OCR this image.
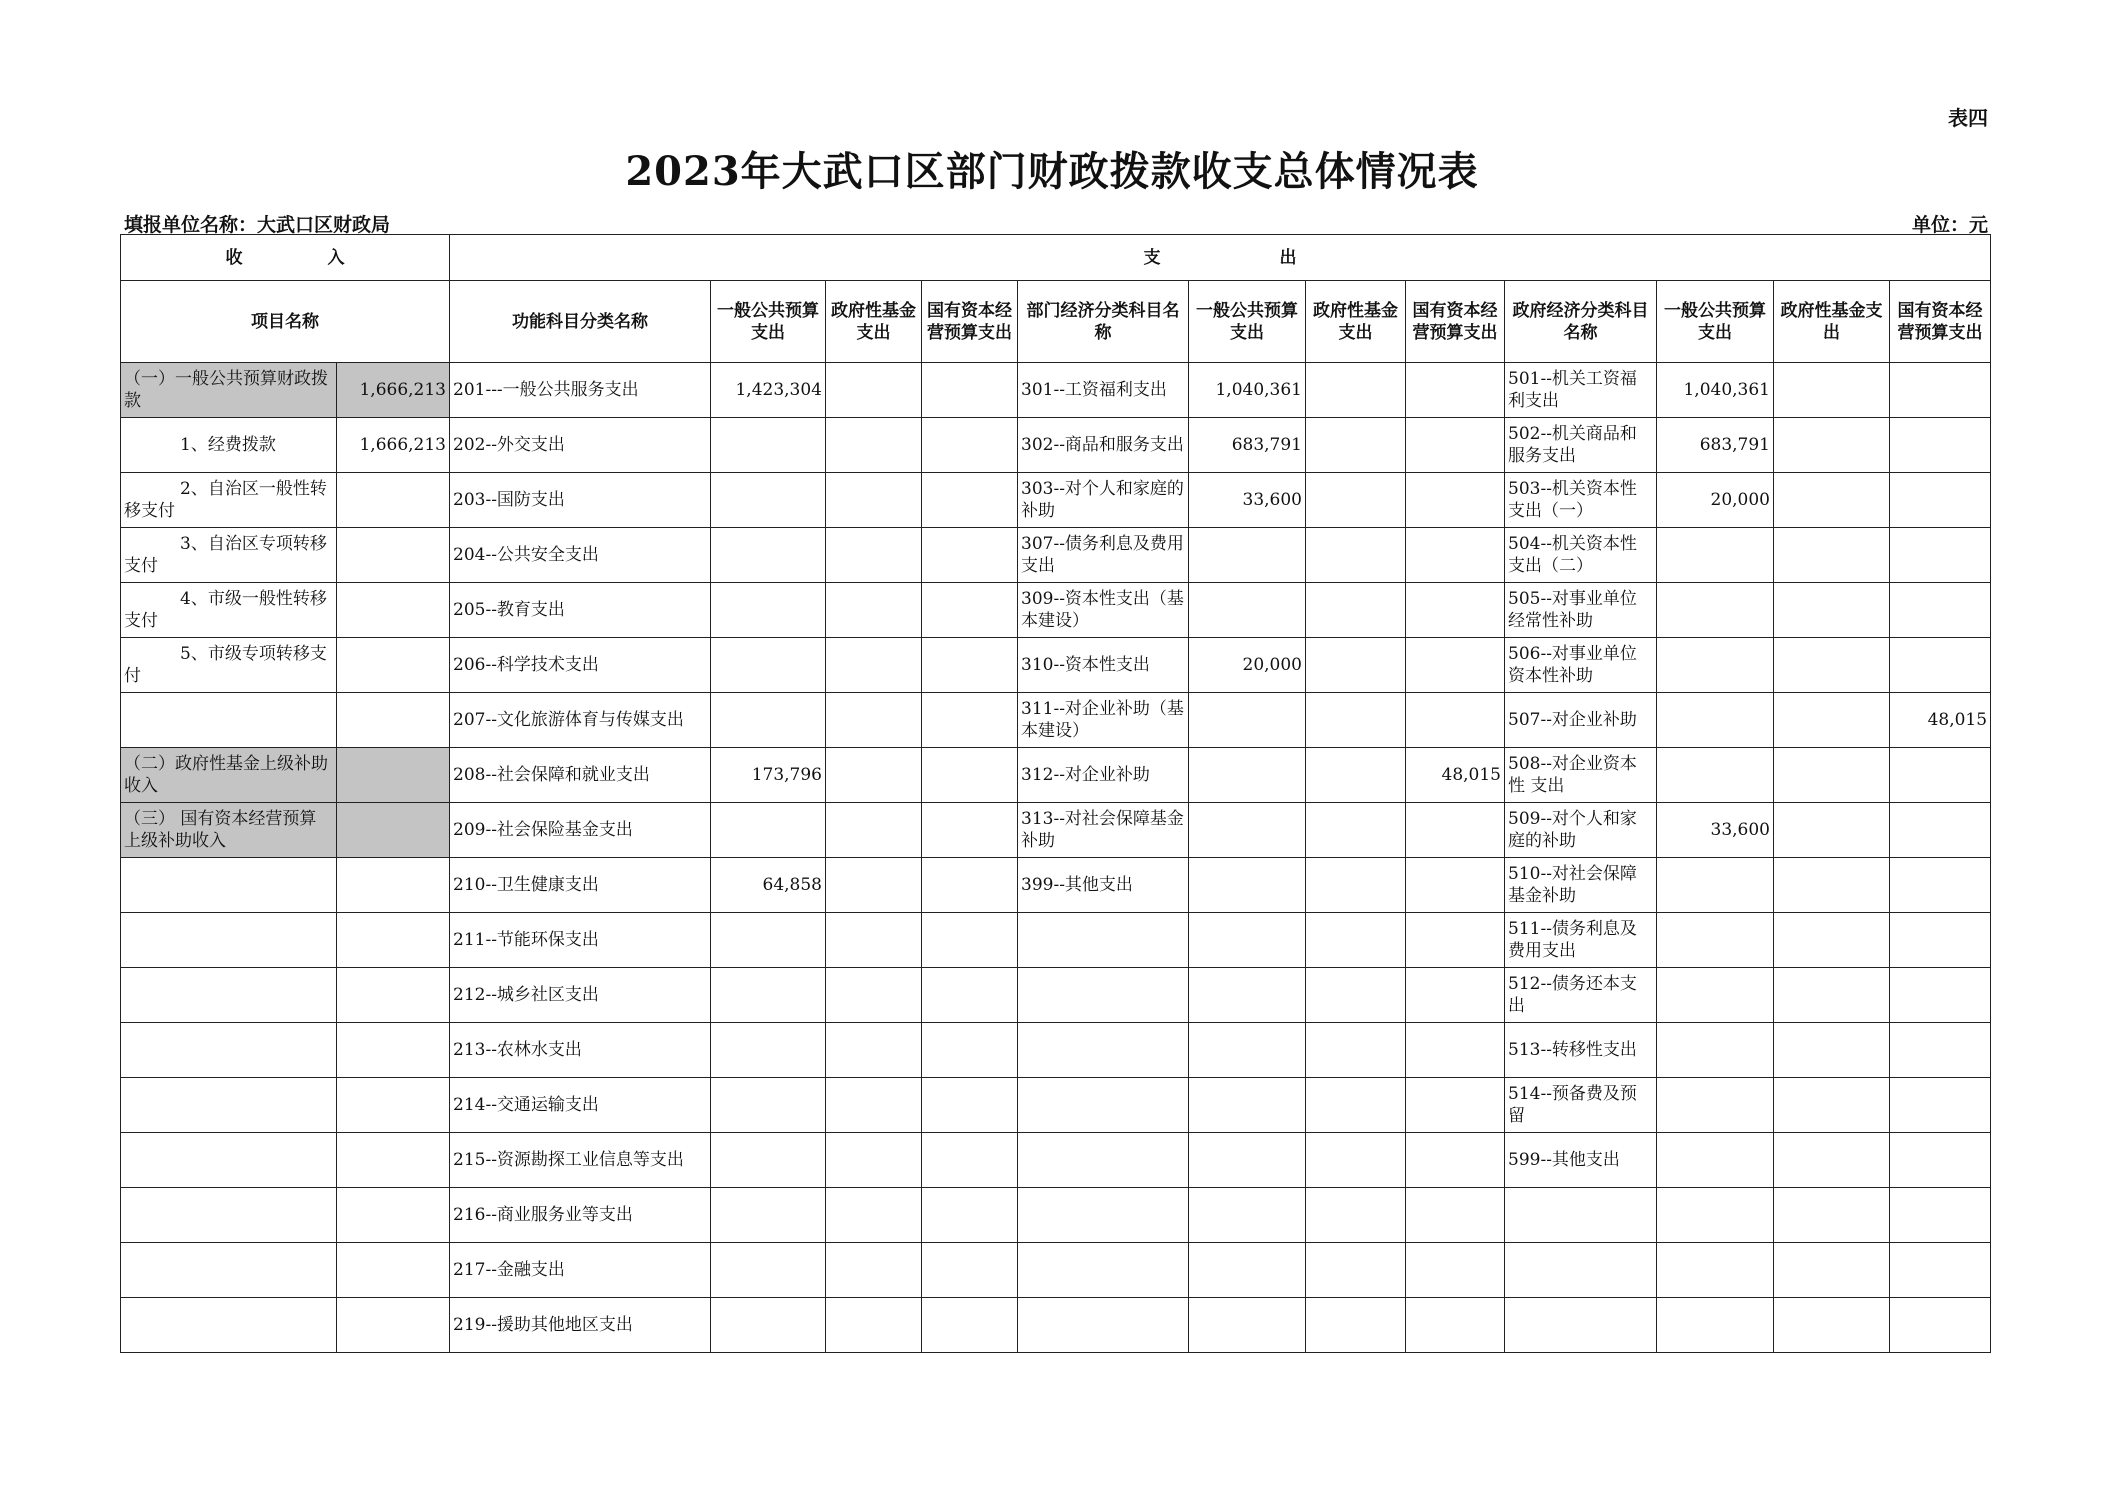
表四
2023年大武口区部门财政拨款收支总体情况表
填报单位名称：大武口区财政局	单位：元
收　　　　　入		支　　　　　　　出											
项目名称		功能科目分类名称	一般公共预算支出	政府性基金支出	国有资本经营预算支出	部门经济分类科目名称	一般公共预算支出	政府性基金支出	国有资本经营预算支出	政府经济分类科目名称	一般公共预算支出	政府性基金支出	国有资本经营预算支出
（一）一般公共预算财政拨款	1,666,213	201---一般公共服务支出	1,423,304			301--工资福利支出	1,040,361			501--机关工资福利支出	1,040,361		
1、经费拨款	1,666,213	202--外交支出				302--商品和服务支出	683,791			502--机关商品和服务支出	683,791		
2、自治区一般性转移支付		203--国防支出				303--对个人和家庭的补助	33,600			503--机关资本性支出（一）	20,000		
3、自治区专项转移支付		204--公共安全支出				307--债务利息及费用支出				504--机关资本性支出（二）			
4、市级一般性转移支付		205--教育支出				309--资本性支出（基本建设）				505--对事业单位经常性补助			
5、市级专项转移支付		206--科学技术支出				310--资本性支出	20,000			506--对事业单位资本性补助			
		207--文化旅游体育与传媒支出				311--对企业补助（基本建设）				507--对企业补助			48,015
（二）政府性基金上级补助收入		208--社会保障和就业支出	173,796			312--对企业补助			48,015	508--对企业资本性 支出			
（三） 国有资本经营预算上级补助收入		209--社会保险基金支出				313--对社会保障基金补助				509--对个人和家庭的补助	33,600		
		210--卫生健康支出	64,858			399--其他支出				510--对社会保障基金补助			
		211--节能环保支出								511--债务利息及费用支出			
		212--城乡社区支出								512--债务还本支出			
		213--农林水支出								513--转移性支出			
		214--交通运输支出								514--预备费及预留			
		215--资源勘探工业信息等支出								599--其他支出			
		216--商业服务业等支出											
		217--金融支出											
		219--援助其他地区支出											
